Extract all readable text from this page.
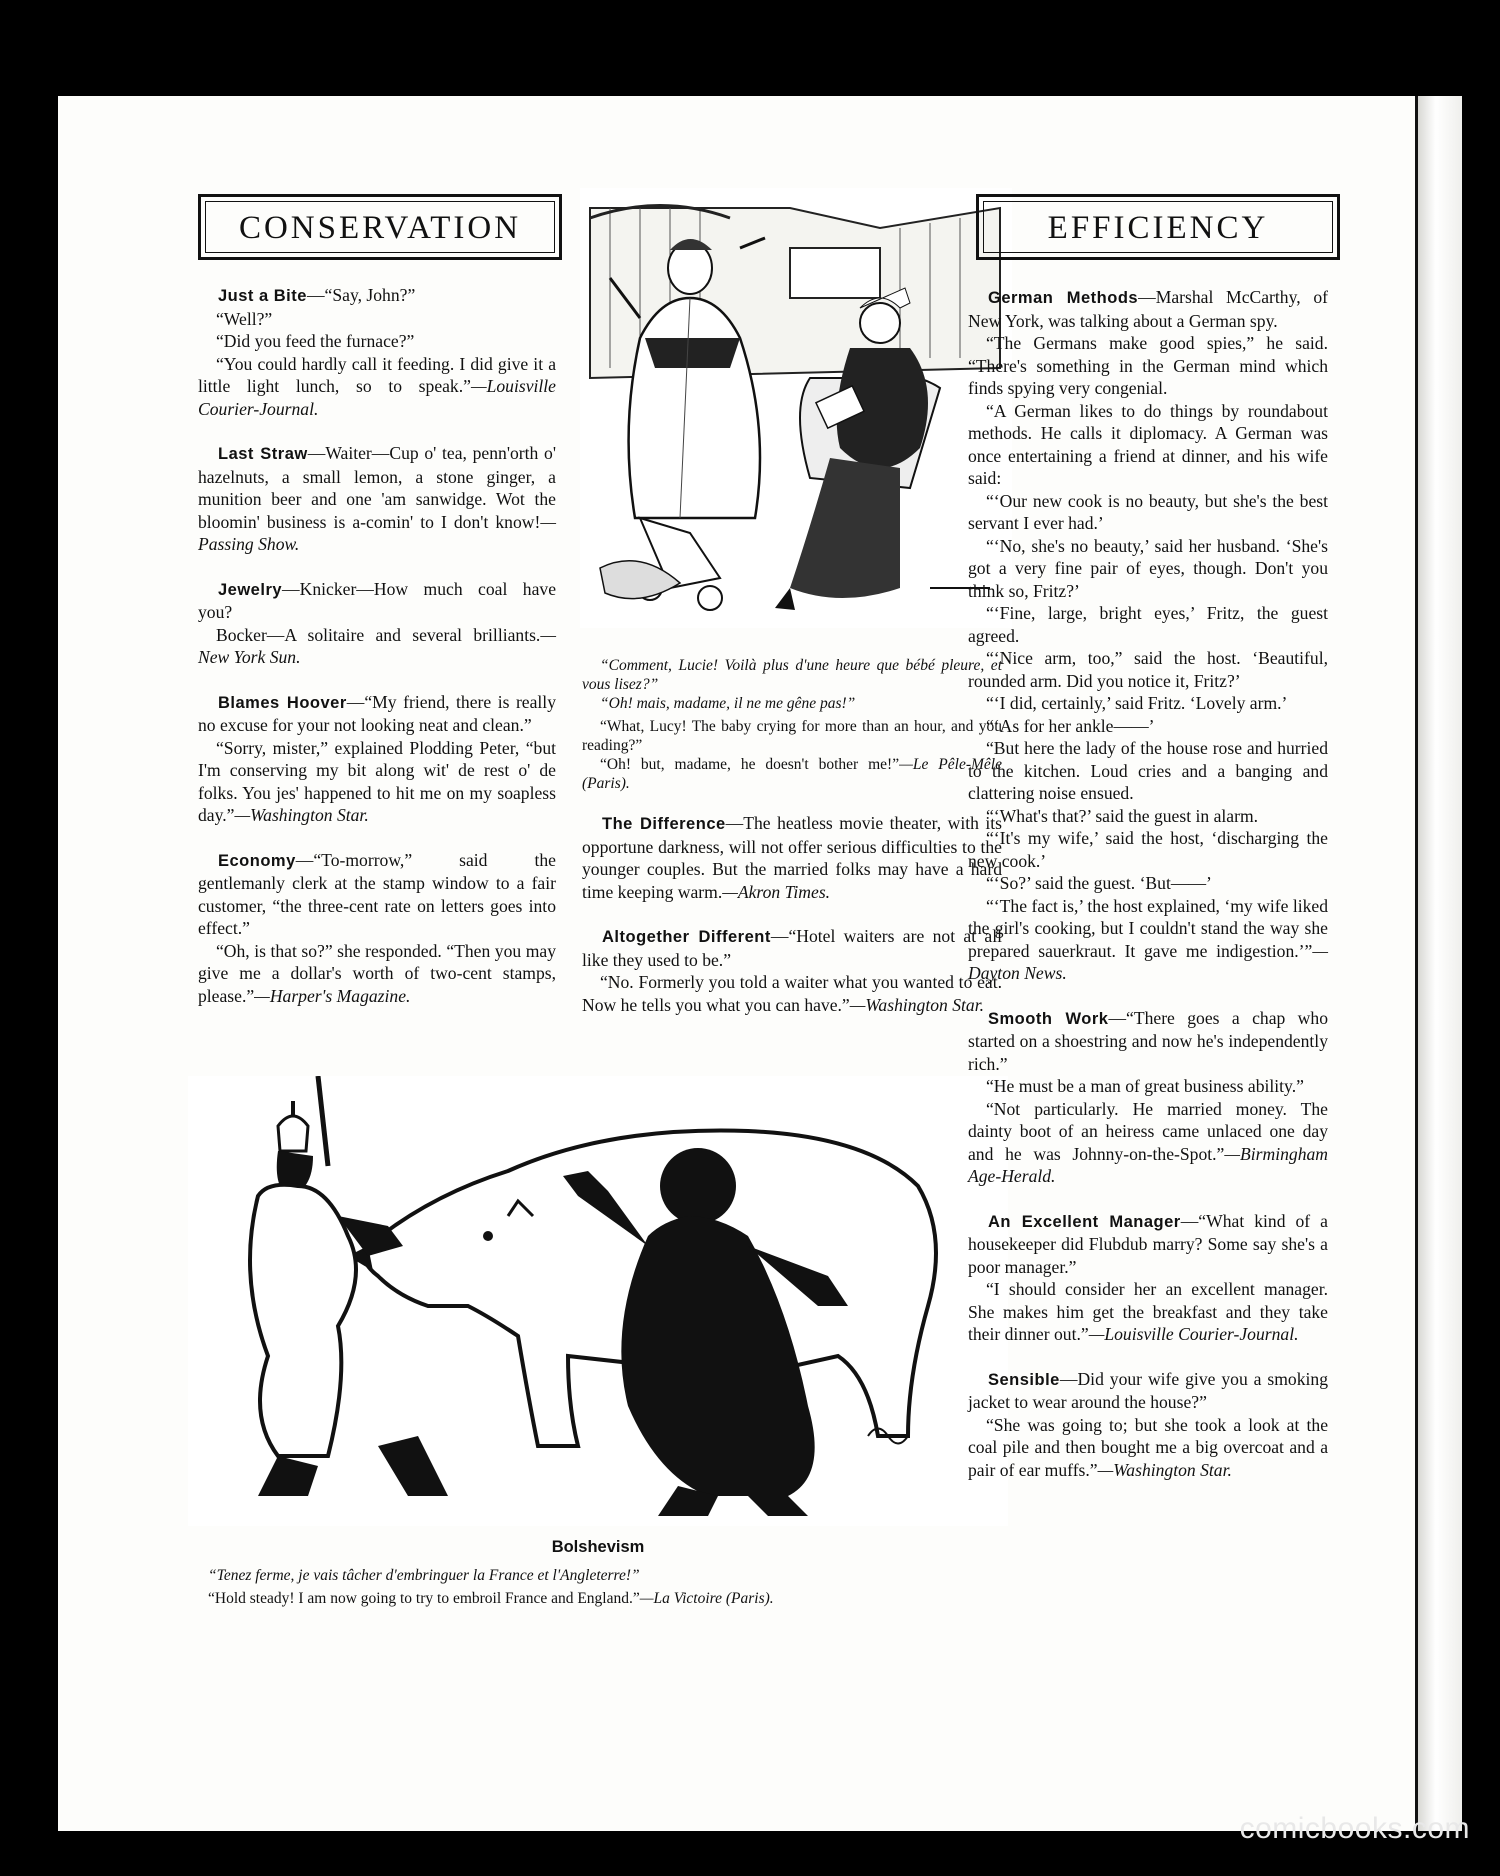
CONSERVATION

Just a Bite—“Say, John?”

“Well?”

“Did you feed the furnace?”

“You could hardly call it feeding. I did give it a little light lunch, so to speak.”—Louisville Courier-Journal.

Last Straw—Waiter—Cup o' tea, penn'orth o' hazelnuts, a small lemon, a stone ginger, a munition beer and one 'am sanwidge. Wot the bloomin' business is a-comin' to I don't know!—Passing Show.

Jewelry—Knicker—How much coal have you?

Bocker—A solitaire and several brilliants.—New York Sun.

Blames Hoover—“My friend, there is really no excuse for your not looking neat and clean.”

“Sorry, mister,” explained Plodding Peter, “but I'm conserving my bit along wit' de rest o' de folks. You jes' happened to hit me on my soapless day.”—Washington Star.

Economy—“To-morrow,” said the gentlemanly clerk at the stamp window to a fair customer, “the three-cent rate on letters goes into effect.”

“Oh, is that so?” she responded. “Then you may give me a dollar's worth of two-cent stamps, please.”—Harper's Magazine.

“Comment, Lucie! Voilà plus d'une heure que bébé pleure, et vous lisez?”

“Oh! mais, madame, il ne me gêne pas!”

“What, Lucy! The baby crying for more than an hour, and you reading?”

“Oh! but, madame, he doesn't bother me!”—Le Pêle-Mêle (Paris).

The Difference—The heatless movie theater, with its opportune darkness, will not offer serious difficulties to the younger couples. But the married folks may have a hard time keeping warm.—Akron Times.

Altogether Different—“Hotel waiters are not at all like they used to be.”

“No. Formerly you told a waiter what you wanted to eat. Now he tells you what you can have.”—Washington Star.

Bolshevism

“Tenez ferme, je vais tâcher d'embringuer la France et l'Angleterre!”

“Hold steady! I am now going to try to embroil France and England.”—La Victoire (Paris).

EFFICIENCY

German Methods—Marshal McCarthy, of New York, was talking about a German spy.

“The Germans make good spies,” he said. “There's something in the German mind which finds spying very congenial.

“A German likes to do things by roundabout methods. He calls it diplomacy. A German was once entertaining a friend at dinner, and his wife said:

“‘Our new cook is no beauty, but she's the best servant I ever had.’

“‘No, she's no beauty,’ said her husband. ‘She's got a very fine pair of eyes, though. Don't you think so, Fritz?’

“‘Fine, large, bright eyes,’ Fritz, the guest agreed.

“‘Nice arm, too,” said the host. ‘Beautiful, rounded arm. Did you notice it, Fritz?’

“‘I did, certainly,’ said Fritz. ‘Lovely arm.’

“‘As for her ankle——’

“But here the lady of the house rose and hurried to the kitchen. Loud cries and a banging and clattering noise ensued.

“‘What's that?’ said the guest in alarm.

“‘It's my wife,’ said the host, ‘discharging the new cook.’

“‘So?’ said the guest. ‘But——’

“‘The fact is,’ the host explained, ‘my wife liked the girl's cooking, but I couldn't stand the way she prepared sauerkraut. It gave me indigestion.’”—Dayton News.

Smooth Work—“There goes a chap who started on a shoestring and now he's independently rich.”

“He must be a man of great business ability.”

“Not particularly. He married money. The dainty boot of an heiress came unlaced one day and he was Johnny-on-the-Spot.”—Birmingham Age-Herald.

An Excellent Manager—“What kind of a housekeeper did Flubdub marry? Some say she's a poor manager.”

“I should consider her an excellent manager. She makes him get the breakfast and they take their dinner out.”—Louisville Courier-Journal.

Sensible—Did your wife give you a smoking jacket to wear around the house?”

“She was going to; but she took a look at the coal pile and then bought me a big overcoat and a pair of ear muffs.”—Washington Star.

comicbooks.com
